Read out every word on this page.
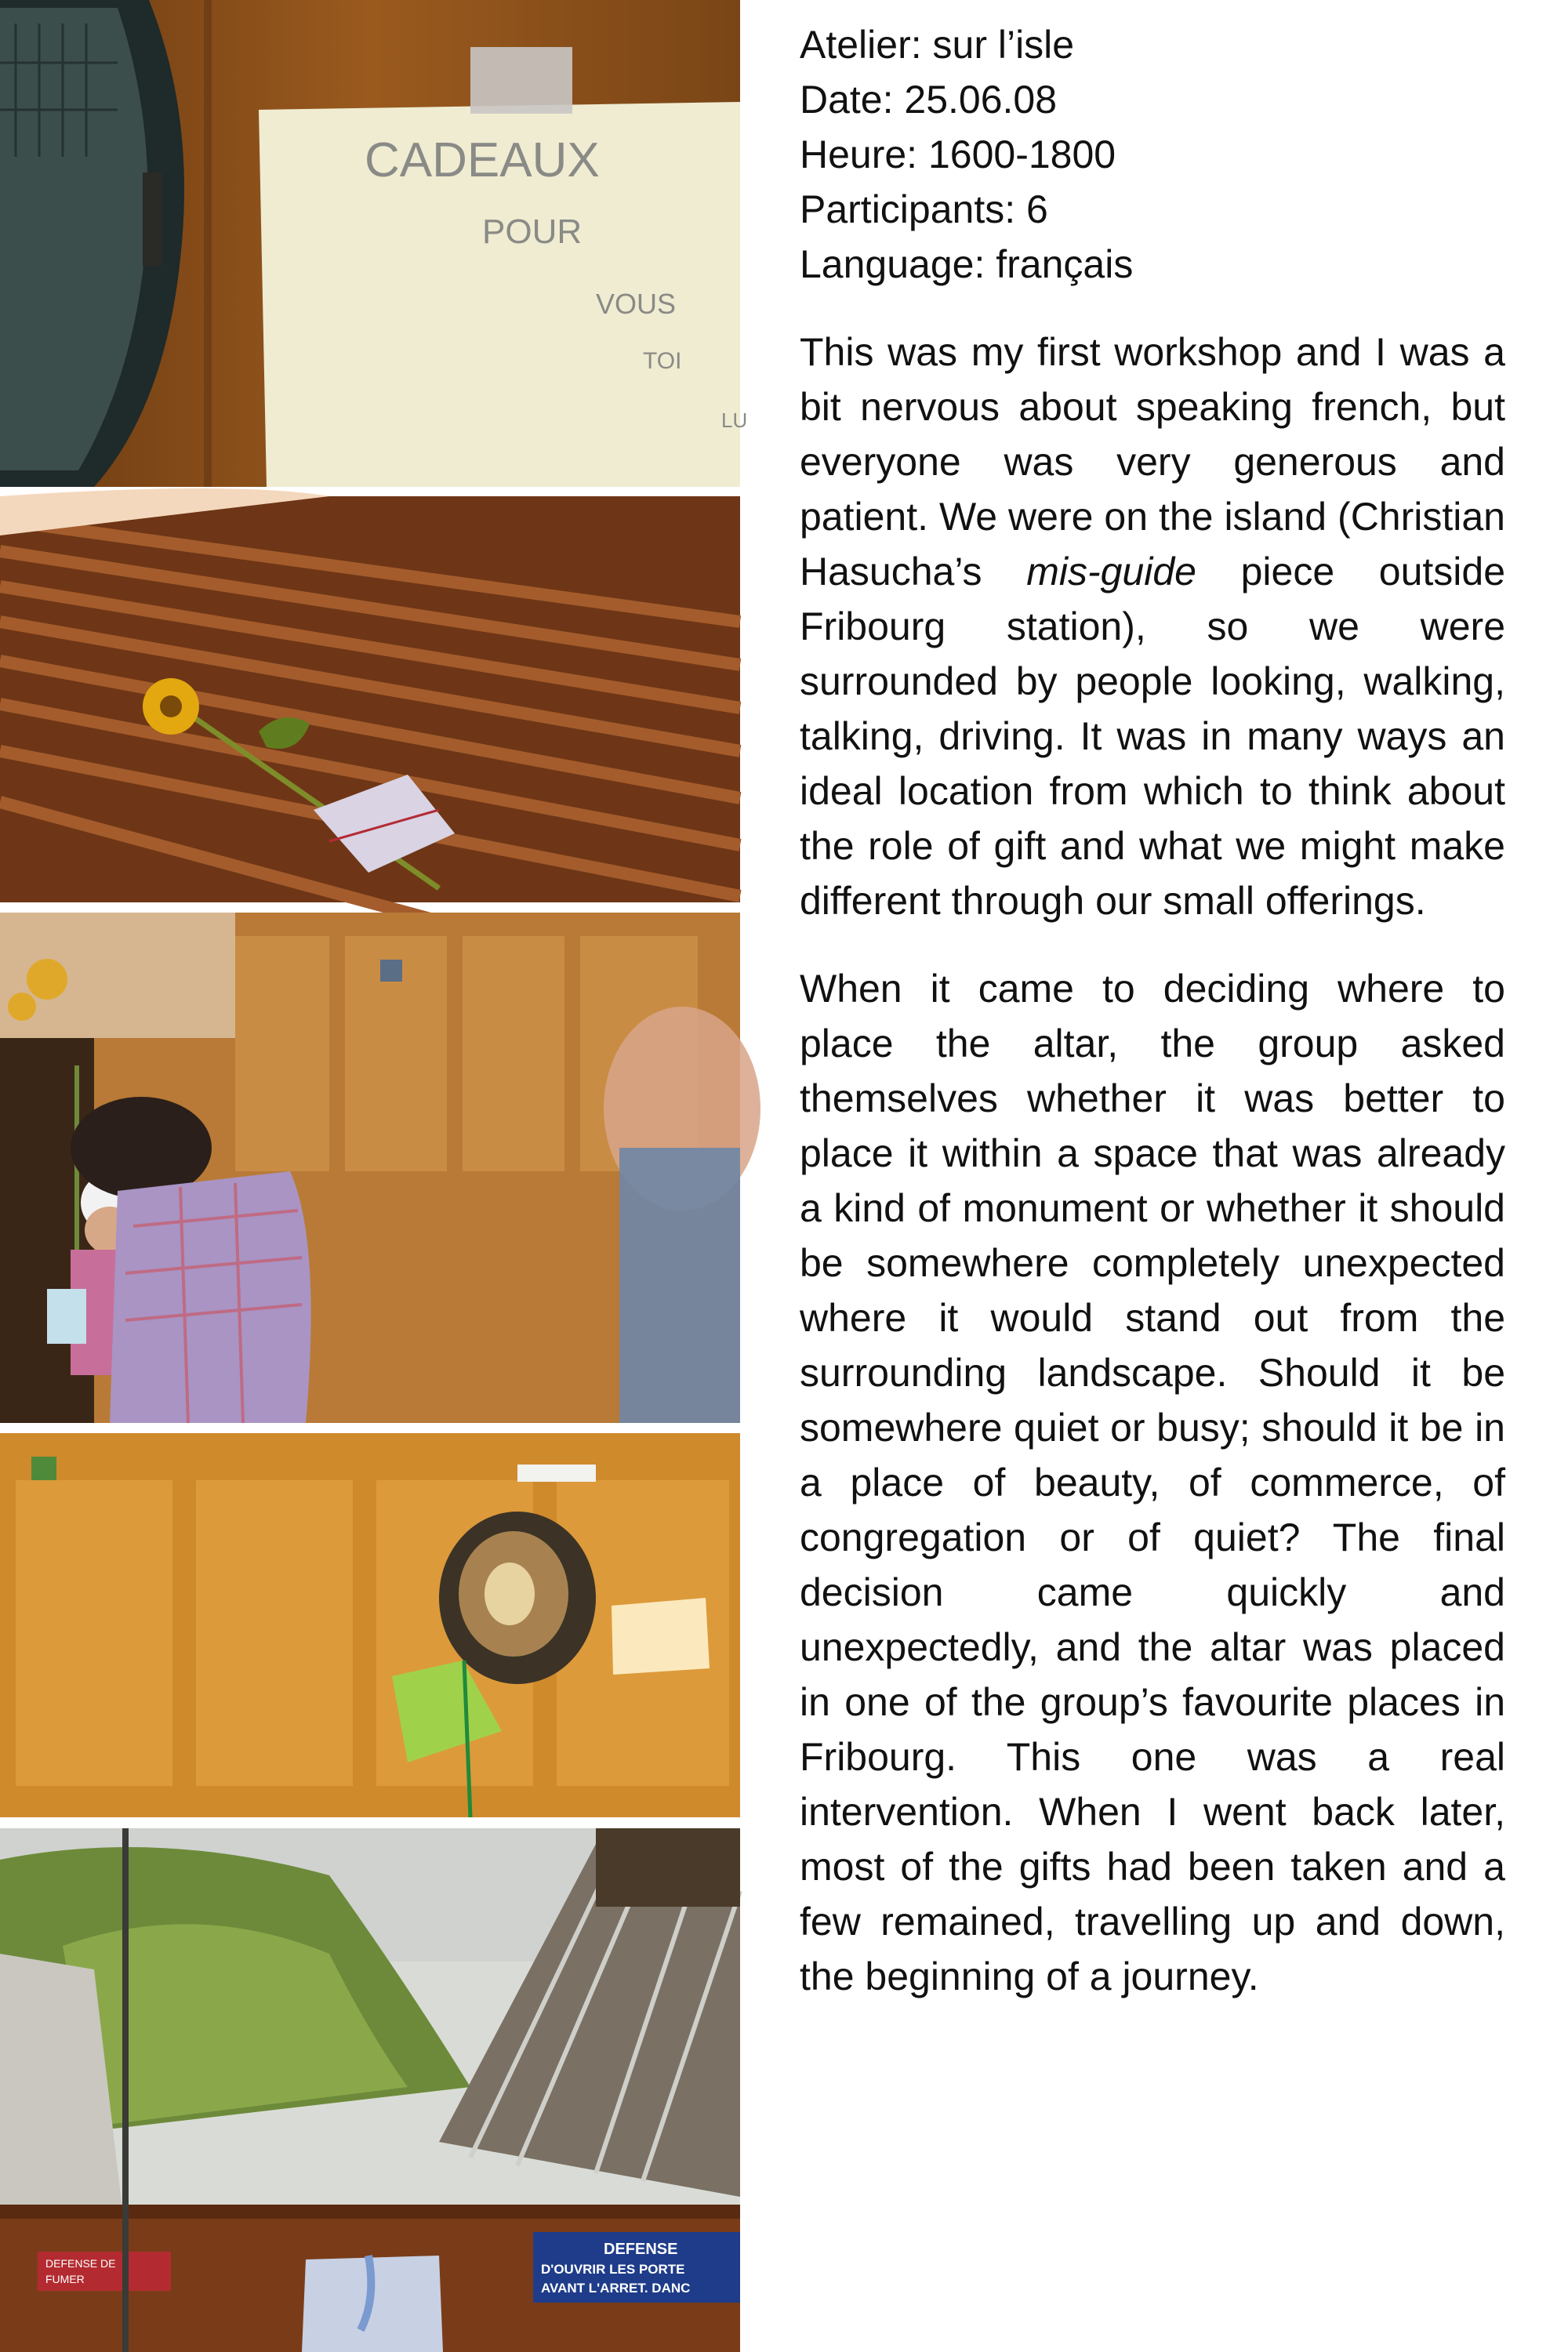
CADEAUX
POUR
VOUS
TOI
LU
DEFENSE DE
FUMER
DEFENSE
D'OUVRIR LES PORTE
AVANT L'ARRET. DANC

Atelier: sur l’isle

Date: 25.06.08

Heure: 1600-1800

Participants: 6

Language: français

This was my first workshop and I was a bit nervous about speaking french, but everyone was very generous and patient. We were on the island (Christian Hasucha’s mis-guide piece outside Fribourg station), so we were surrounded by people looking, walking, talking, driving. It was in many ways an ideal location from which to think about the role of gift and what we might make different through our small offerings.

When it came to deciding where to place the altar, the group asked themselves whether it was better to place it within a space that was already a kind of monument or whether it should be somewhere completely unexpected where it would stand out from the surrounding landscape. Should it be somewhere quiet or busy; should it be in a place of beauty, of commerce, of congregation or of quiet? The final decision came quickly and unexpectedly, and the altar was placed in one of the group’s favourite places in Fribourg. This one was a real intervention. When I went back later, most of the gifts had been taken and a few remained, travelling up and down, the beginning of a journey.
